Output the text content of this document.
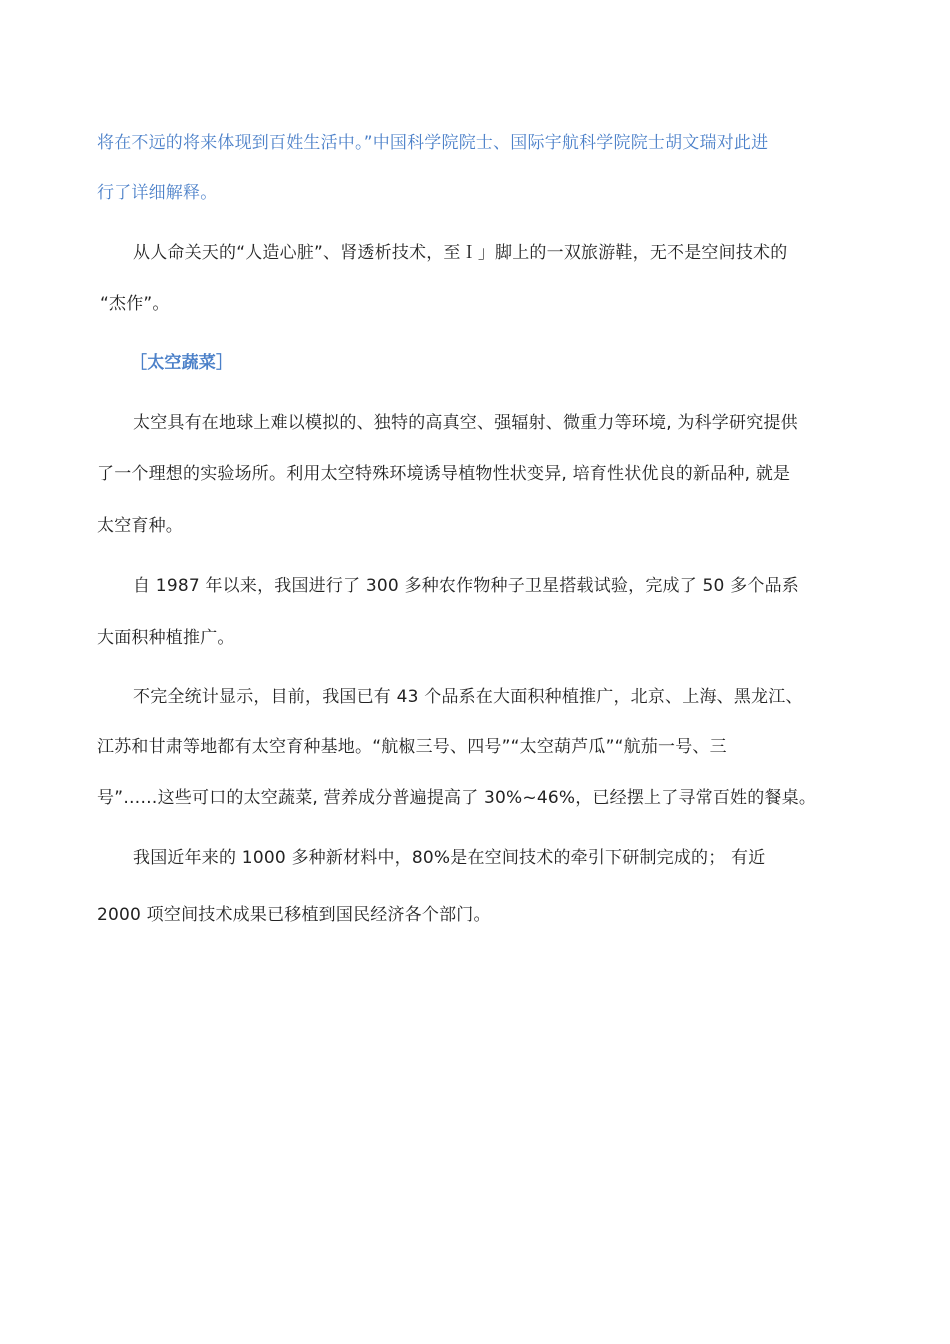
将在不远的将来体现到百姓生活中。”中国科学院院士、国际宇航科学院院士胡文瑞对此进

行了详细解释。

从人命关天的“人造心脏”、肾透析技术，至Ｉ」脚上的一双旅游鞋，无不是空间技术的

“杰作”。

［太空蔬菜］

太空具有在地球上难以模拟的、独特的高真空、强辐射、微重力等环境, 为科学研究提供

了一个理想的实验场所。利用太空特殊环境诱导植物性状变异, 培育性状优良的新品种, 就是

太空育种。

自 1987 年以来，我国进行了 300 多种农作物种子卫星搭载试验，完成了 50 多个品系

大面积种植推广。

不完全统计显示，目前，我国已有 43 个品系在大面积种植推广，北京、上海、黑龙江、

江苏和甘肃等地都有太空育种基地。“航椒三号、四号”“太空葫芦瓜”“航茄一号、三

号”……这些可口的太空蔬菜, 营养成分普遍提高了 30%~46%，已经摆上了寻常百姓的餐桌。

我国近年来的 1000 多种新材料中，80%是在空间技术的牵引下研制完成的； 有近

2000 项空间技术成果已移植到国民经济各个部门。
